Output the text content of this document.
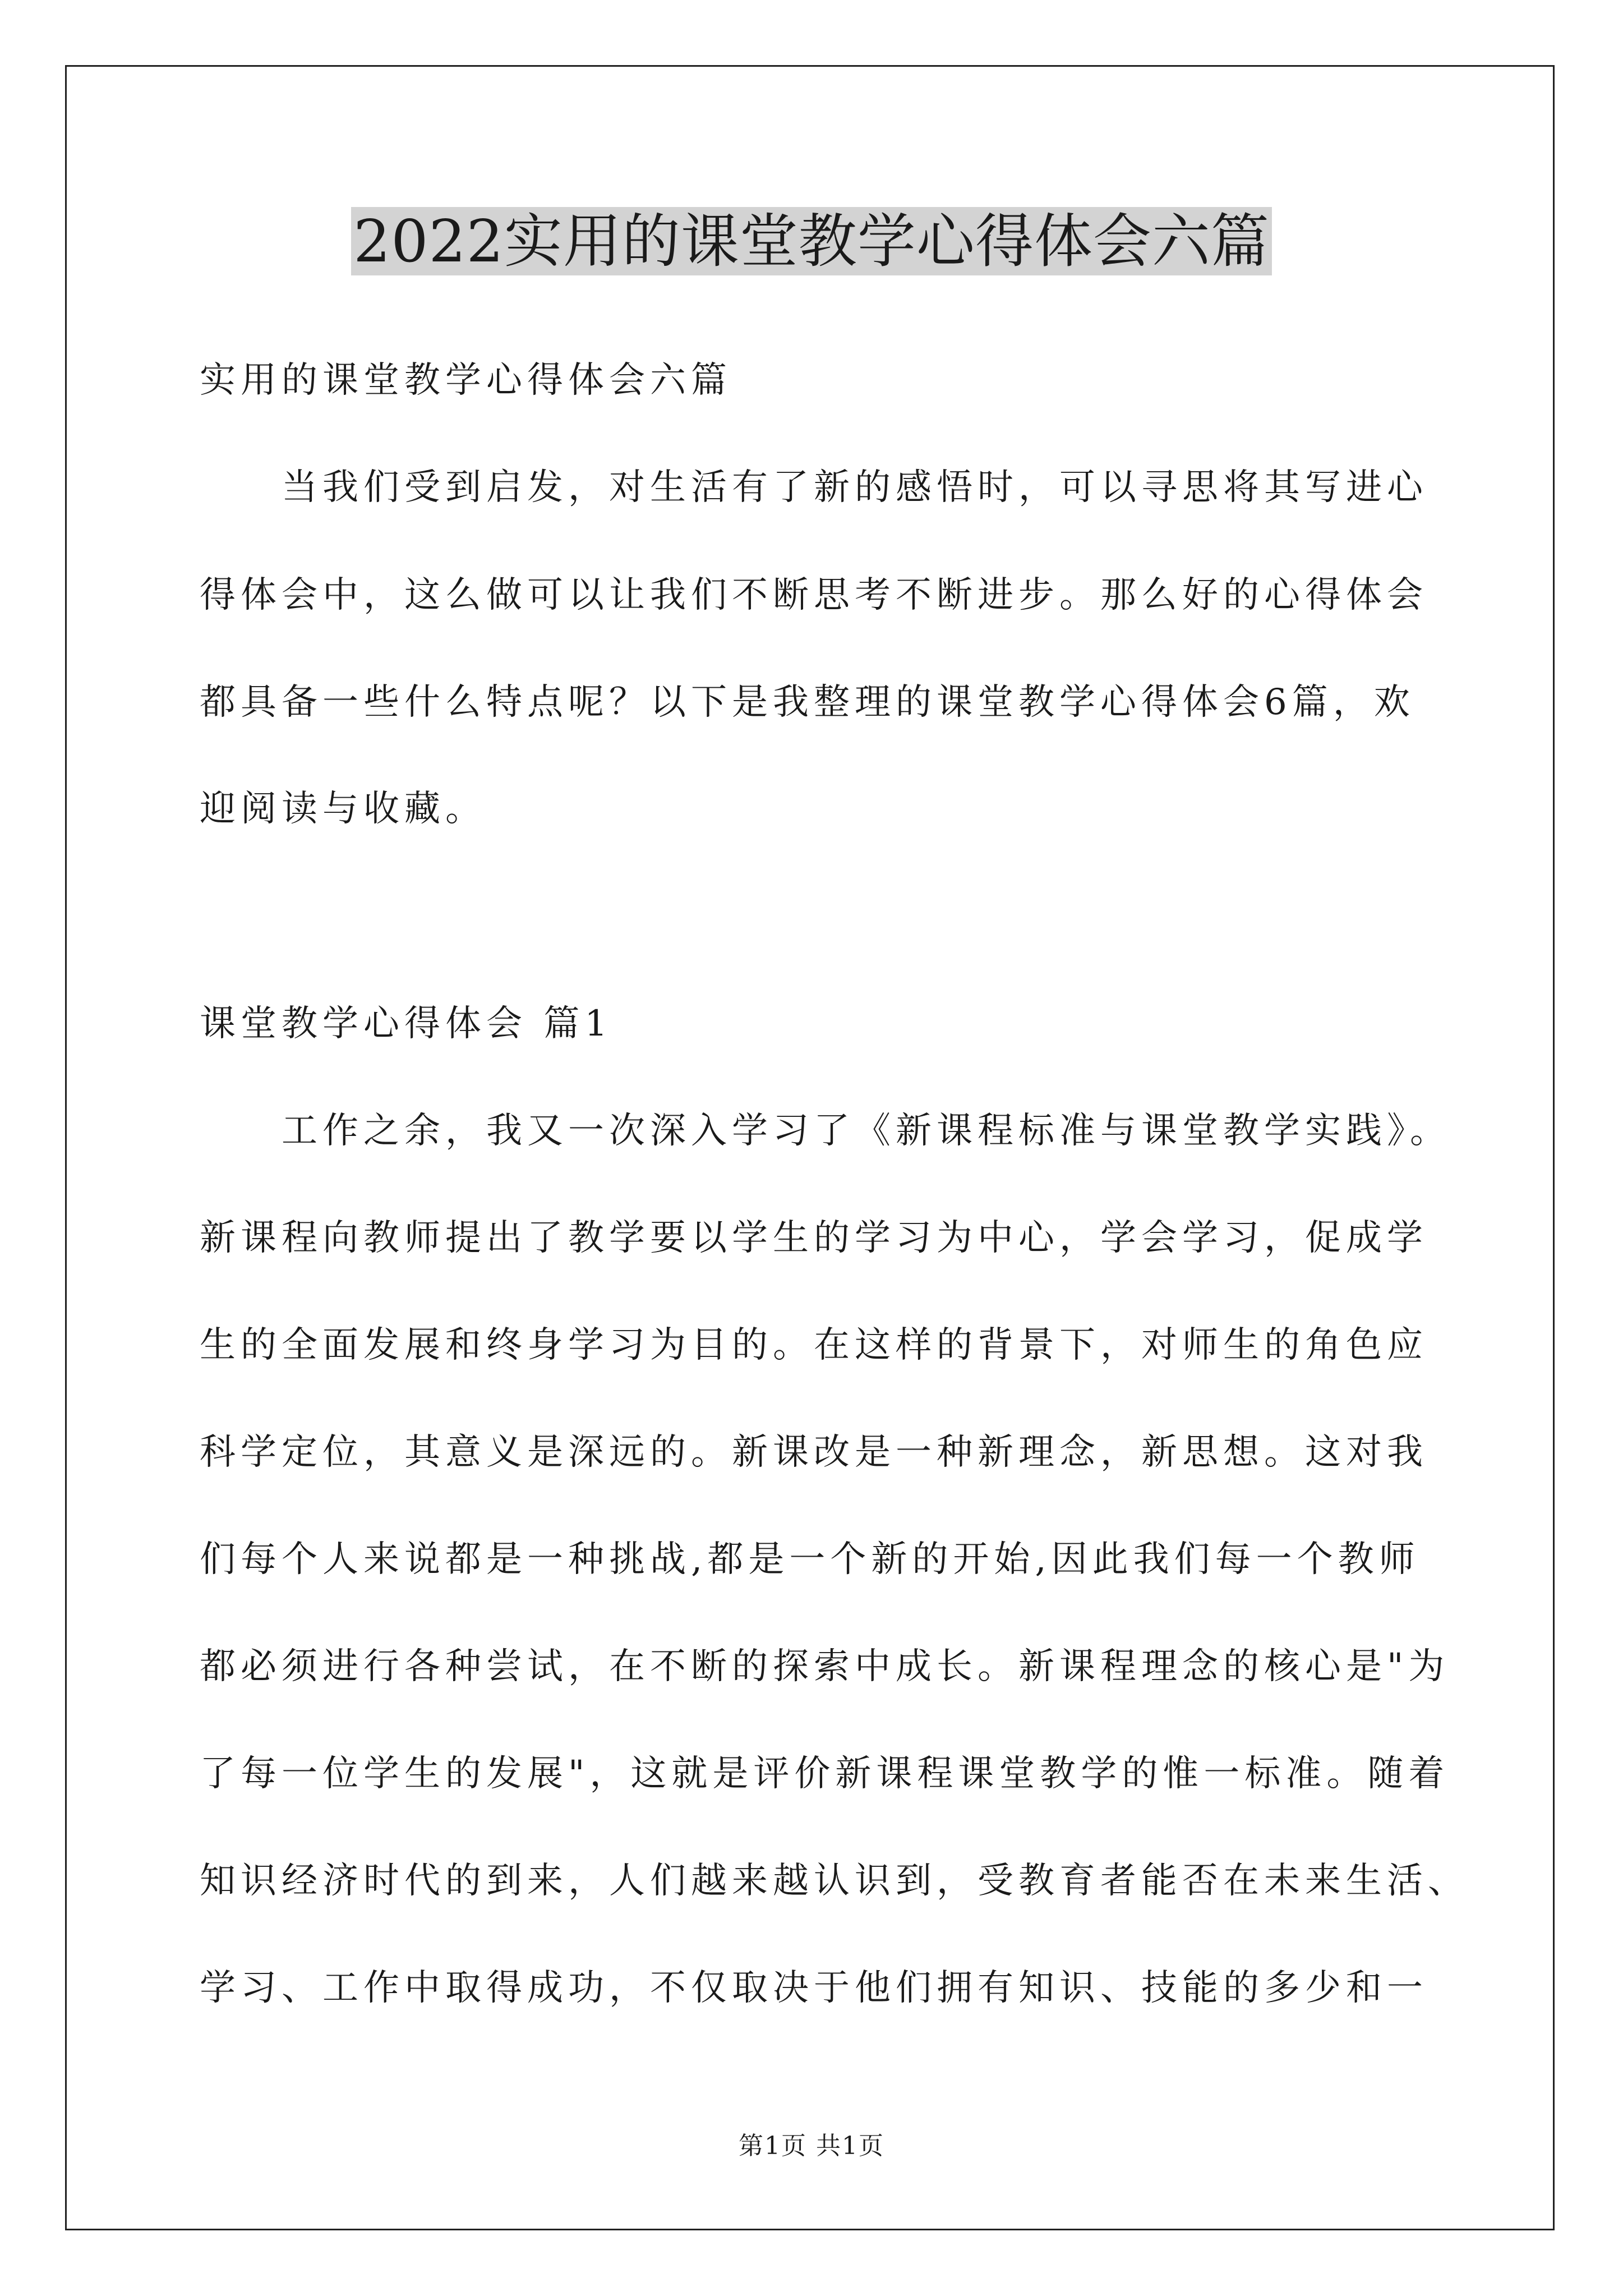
2022实用的课堂教学心得体会六篇
实用的课堂教学心得体会六篇
当我们受到启发，对生活有了新的感悟时，可以寻思将其写进心
得体会中，这么做可以让我们不断思考不断进步。那么好的心得体会
都具备一些什么特点呢？以下是我整理的课堂教学心得体会6篇，欢
迎阅读与收藏。
课堂教学心得体会 篇1
工作之余，我又一次深入学习了《新课程标准与课堂教学实践》。
新课程向教师提出了教学要以学生的学习为中心，学会学习，促成学
生的全面发展和终身学习为目的。在这样的背景下，对师生的角色应
科学定位，其意义是深远的。新课改是一种新理念，新思想。这对我
们每个人来说都是一种挑战,都是一个新的开始,因此我们每一个教师
都必须进行各种尝试，在不断的探索中成长。新课程理念的核心是"为
了每一位学生的发展"，这就是评价新课程课堂教学的惟一标准。随着
知识经济时代的到来，人们越来越认识到，受教育者能否在未来生活、
学习、工作中取得成功，不仅取决于他们拥有知识、技能的多少和一
第1页 共1页
